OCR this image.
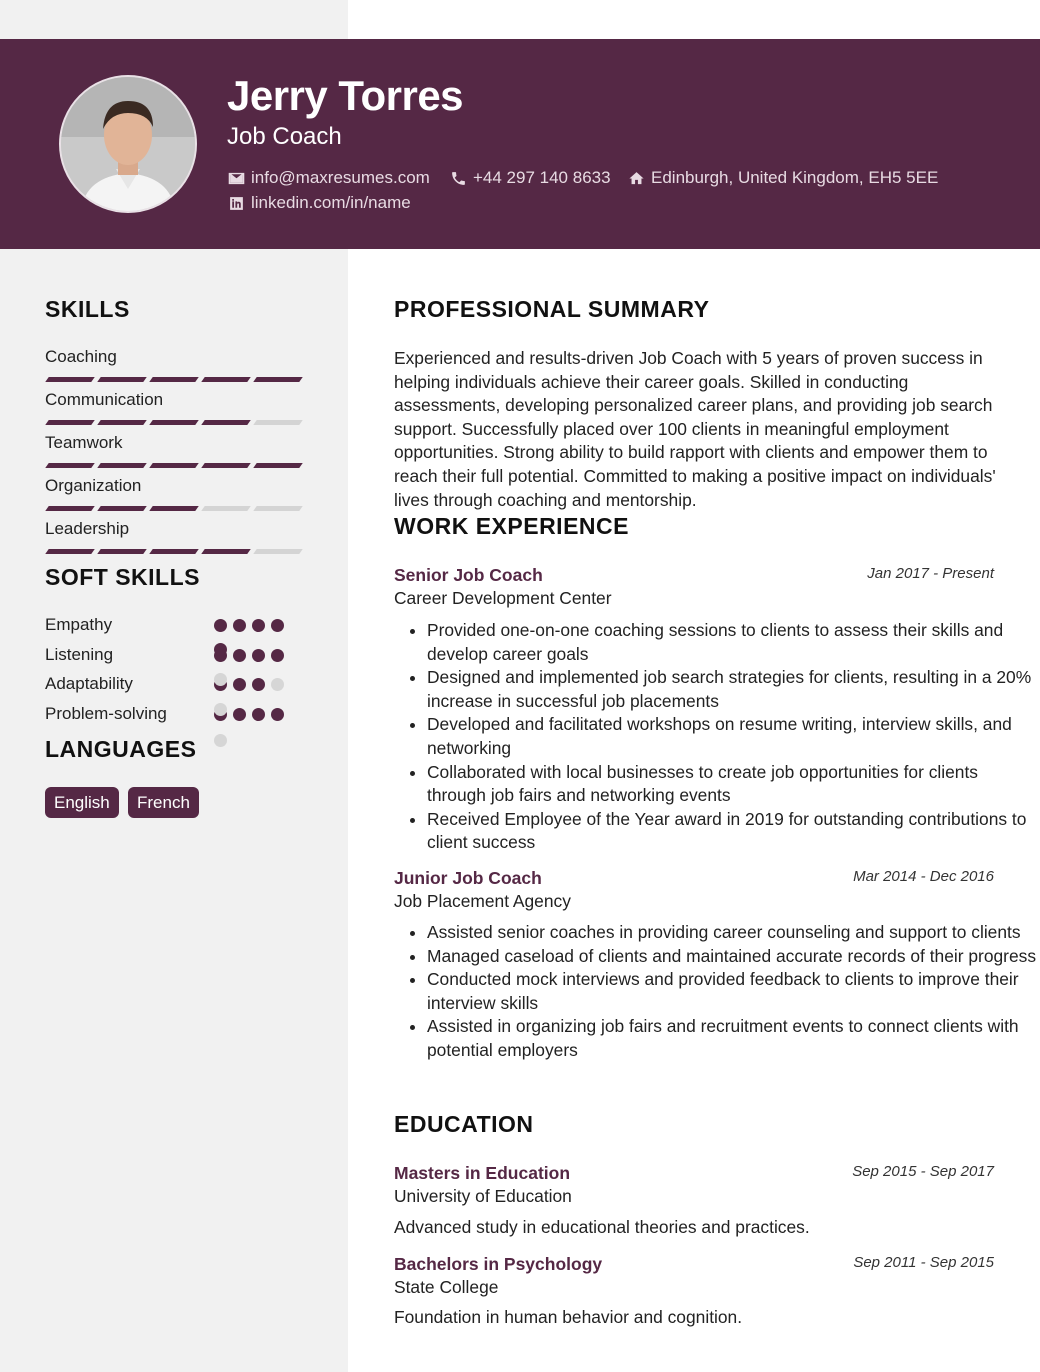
Jerry Torres
Job Coach
info@maxresumes.com	+44 297 140 8633 Edinburgh, United Kingdom, EH5 5EE
linkedin.com/in/name
SKILLS
Coaching
Communication
Teamwork
Organization
Leadership
SOFT SKILLS
Empathy
Listening
Adaptability
Problem-solving
LANGUAGES
English	French
PROFESSIONAL SUMMARY
Experienced and results-driven Job Coach with 5 years of proven success in helping individuals achieve their career goals. Skilled in conducting assessments, developing personalized career plans, and providing job search support. Successfully placed over 100 clients in meaningful employment opportunities. Strong ability to build rapport with clients and empower them to reach their full potential. Committed to making a positive impact on individuals' lives through coaching and mentorship.
WORK EXPERIENCE
Senior Job Coach	Jan 2017 - Present
Career Development Center
• Provided one-on-one coaching sessions to clients to assess their skills and develop career goals
• Designed and implemented job search strategies for clients, resulting in a 20% increase in successful job placements
• Developed and facilitated workshops on resume writing, interview skills, and networking
• Collaborated with local businesses to create job opportunities for clients through job fairs and networking events
• Received Employee of the Year award in 2019 for outstanding contributions to client success
Junior Job Coach	Mar 2014 - Dec 2016
Job Placement Agency
• Assisted senior coaches in providing career counseling and support to clients
• Managed caseload of clients and maintained accurate records of their progress
• Conducted mock interviews and provided feedback to clients to improve their interview skills
• Assisted in organizing job fairs and recruitment events to connect clients with potential employers
EDUCATION
Masters in Education	Sep 2015 - Sep 2017
University of Education
Advanced study in educational theories and practices.
Bachelors in Psychology	Sep 2011 - Sep 2015
State College
Foundation in human behavior and cognition.
